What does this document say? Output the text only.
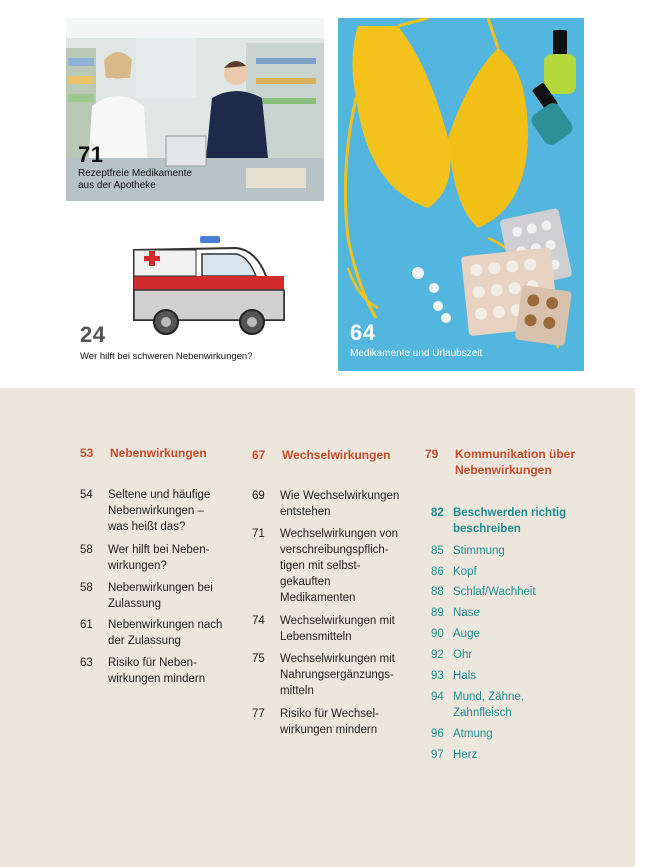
71
Rezeptfreie Medikamente
aus der Apotheke
24
Wer hilft bei schweren Nebenwirkungen?
64
Medikamente und Urlaubszeit
53 Nebenwirkungen
54	Seltene und häufige
Nebenwirkungen –
was heißt das?
58	Wer hilft bei Neben-
wirkungen?
58	Nebenwirkungen bei
Zulassung
61	Nebenwirkungen nach
der Zulassung
63	Risiko für Neben-
wirkungen mindern
67 Wechselwirkungen
69	Wie Wechselwirkungen
entstehen
71	Wechselwirkungen von
verschreibungspflich-
tigen mit selbst-
gekauften
Medikamenten
74	Wechselwirkungen mit
Lebensmitteln
75	Wechselwirkungen mit
Nahrungsergänzungs-
mitteln
77	Risiko für Wechsel-
wirkungen mindern
79 Kommunikation über
Nebenwirkungen
82 Beschwerden richtig
beschreiben
85 Stimmung
86 Kopf
88 Schlaf/Wachheit
89 Nase
90 Auge
92 Ohr
93 Hals
94 Mund, Zähne,
Zahnfleisch
96 Atmung
97 Herz
